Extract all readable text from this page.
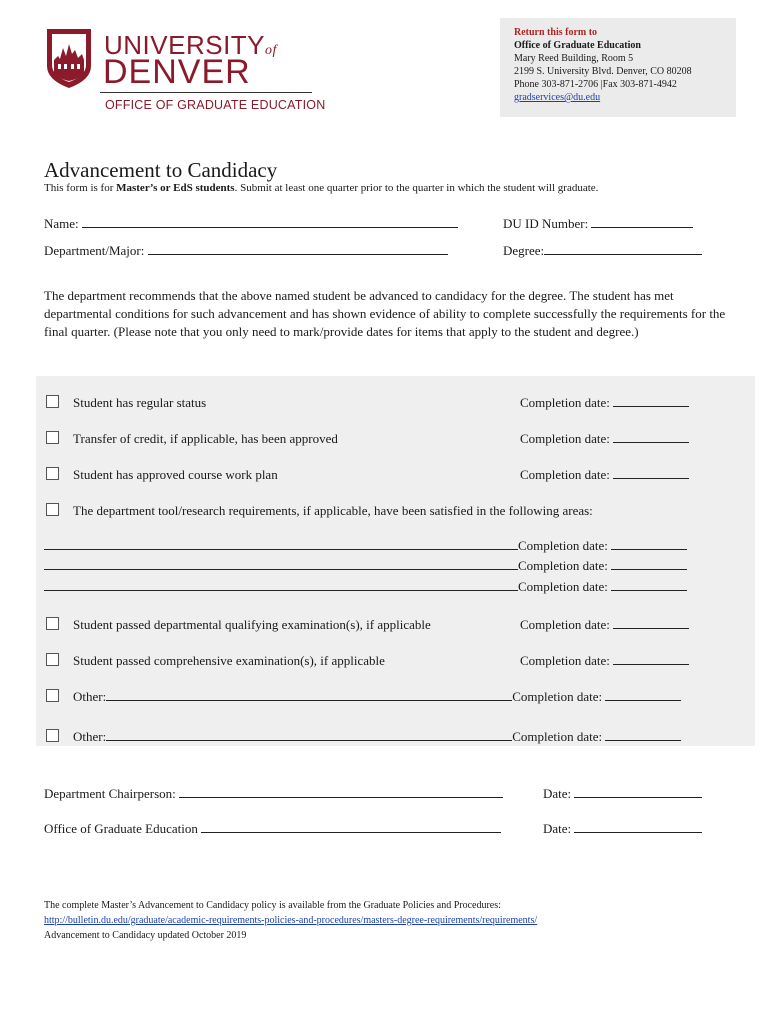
UNIVERSITYof
DENVER
OFFICE OF GRADUATE EDUCATION
Return this form to
Office of Graduate Education
Mary Reed Building, Room 5
2199 S. University Blvd. Denver, CO 80208
Phone 303-871-2706 |Fax 303-871-4942
gradservices@du.edu
Advancement to Candidacy
This form is for Master’s or EdS students. Submit at least one quarter prior to the quarter in which the student will graduate.
Name:	DU ID Number:
Department/Major:	Degree:
The department recommends that the above named student be advanced to candidacy for the degree. The student has met departmental conditions for such advancement and has shown evidence of ability to complete successfully the requirements for the final quarter. (Please note that you only need to mark/provide dates for items that apply to the student and degree.)
Student has regular status	Completion date:
Transfer of credit, if applicable, has been approved	Completion date:
Student has approved course work plan	Completion date:
The department tool/research requirements, if applicable, have been satisfied in the following areas:
Completion date:
Completion date:
Completion date:
Student passed departmental qualifying examination(s), if applicable	Completion date:
Student passed comprehensive examination(s), if applicable	Completion date:
Other:	Completion date:
Other:	Completion date:
Department Chairperson:	Date:
Office of Graduate Education	Date:
The complete Master’s Advancement to Candidacy policy is available from the Graduate Policies and Procedures:
http://bulletin.du.edu/graduate/academic-requirements-policies-and-procedures/masters-degree-requirements/requirements/
Advancement to Candidacy updated October 2019
